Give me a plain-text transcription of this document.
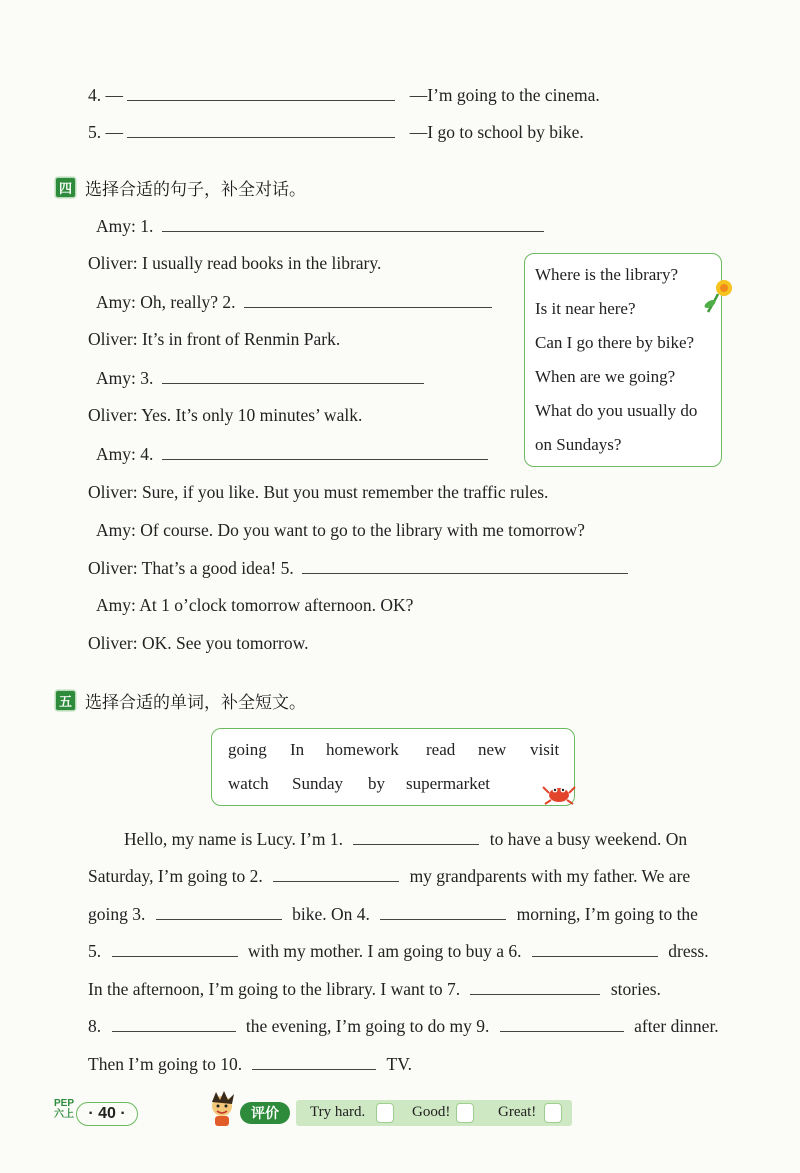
4. —	—I’m going to the cinema.
5. —	—I go to school by bike.
四 选择合适的句子，补全对话。
Amy: 1.
Oliver: I usually read books in the library.
Amy: Oh, really? 2.
Oliver: It’s in front of Renmin Park.
Amy: 3.
Oliver: Yes. It’s only 10 minutes’ walk.
Amy: 4.
Oliver: Sure, if you like. But you must remember the traffic rules.
Amy: Of course. Do you want to go to the library with me tomorrow?
Oliver: That’s a good idea! 5.
Amy: At 1 o’clock tomorrow afternoon. OK?
Oliver: OK. See you tomorrow.
Where is the library?
Is it near here?
Can I go there by bike?
When are we going?
What do you usually do
on Sundays?
五 选择合适的单词，补全短文。
going In homework read new visit
watch Sunday by supermarket
Hello, my name is Lucy. I’m 1.	to have a busy weekend. On
Saturday, I’m going to 2.	my grandparents with my father. We are
going 3.	bike. On 4.	morning, I’m going to the
5.	with my mother. I am going to buy a 6.	dress.
In the afternoon, I’m going to the library. I want to 7.	stories.
8.	the evening, I’m going to do my 9.	after dinner.
Then I’m going to 10.	TV.
PEP
六上 · 40 ·	评价	Try hard.	Good!	Great!
